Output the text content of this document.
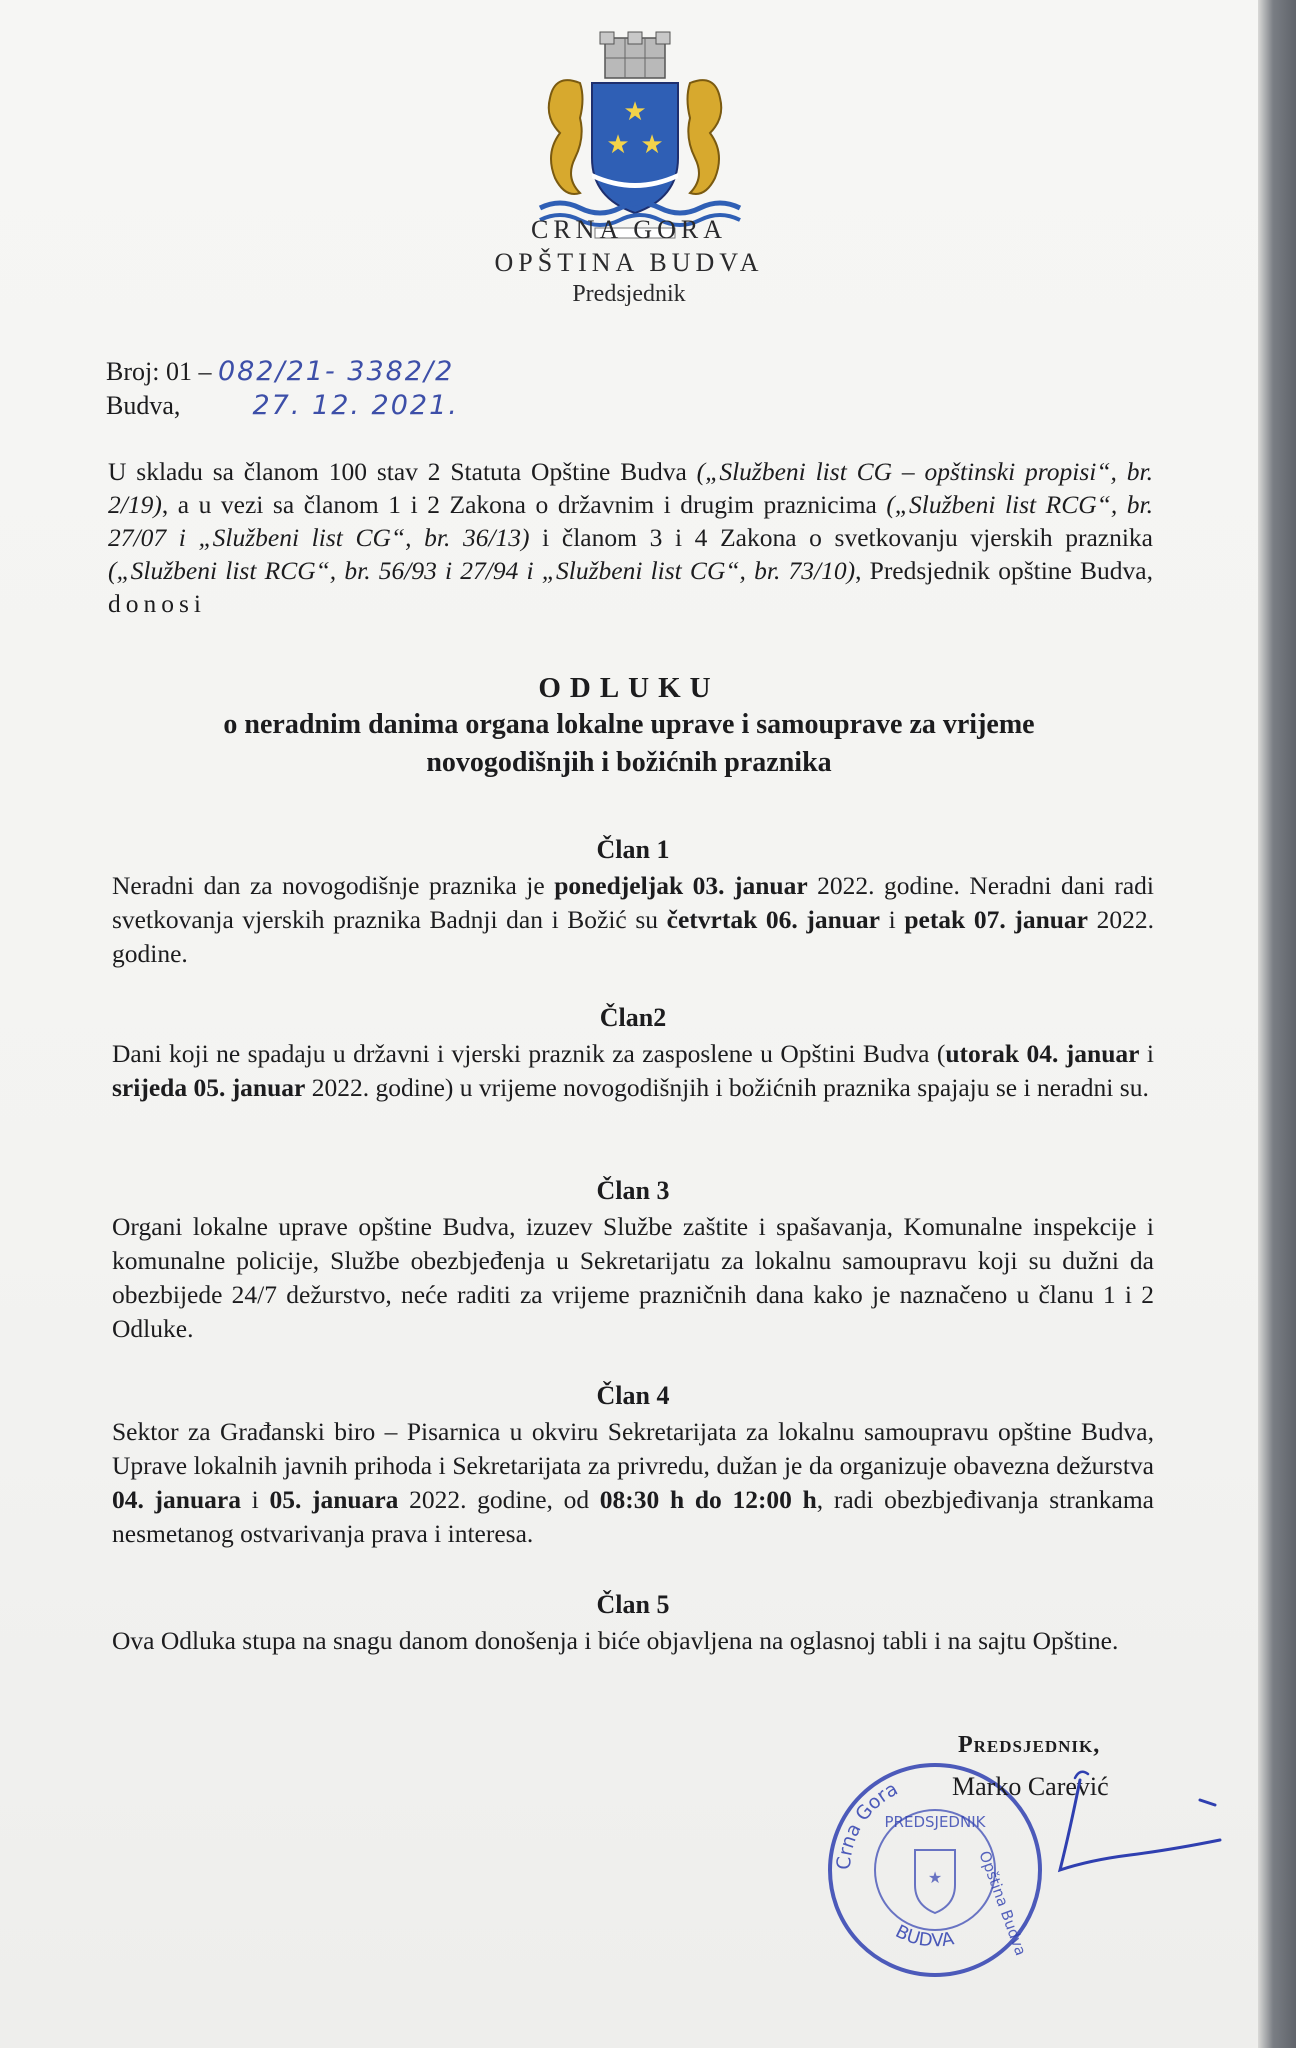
★
★ ★
CRNA GORA
OPŠTINA BUDVA
Predsjednik
Broj: 01 – 082/21- 3382/2
Budva,	27. 12. 2021.
U skladu sa članom 100 stav 2 Statuta Opštine Budva („Službeni list CG – opštinski propisi“, br. 2/19), a u vezi sa članom 1 i 2 Zakona o državnim i drugim praznicima („Službeni list RCG“, br. 27/07 i „Službeni list CG“, br. 36/13) i članom 3 i 4 Zakona o svetkovanju vjerskih praznika („Službeni list RCG“, br. 56/93 i 27/94 i „Službeni list CG“, br. 73/10), Predsjednik opštine Budva, donosi

ODLUKU

o neradnim danima organa lokalne uprave i samouprave za vrijeme

novogodišnjih i božićnih praznika

Član 1

Neradni dan za novogodišnje praznika je ponedjeljak 03. januar 2022. godine. Neradni dani radi svetkovanja vjerskih praznika Badnji dan i Božić su četvrtak 06. januar i petak 07. januar 2022. godine.

Član2

Dani koji ne spadaju u državni i vjerski praznik za zasposlene u Opštini Budva (utorak 04. januar i srijeda 05. januar 2022. godine) u vrijeme novogodišnjih i božićnih praznika spajaju se i neradni su.

Član 3

Organi lokalne uprave opštine Budva, izuzev Službe zaštite i spašavanja, Komunalne inspekcije i komunalne policije, Službe obezbjeđenja u Sekretarijatu za lokalnu samoupravu koji su dužni da obezbijede 24/7 dežurstvo, neće raditi za vrijeme prazničnih dana kako je naznačeno u članu 1 i 2 Odluke.

Član 4

Sektor za Građanski biro – Pisarnica u okviru Sekretarijata za lokalnu samoupravu opštine Budva, Uprave lokalnih javnih prihoda i Sekretarijata za privredu, dužan je da organizuje obavezna dežurstva 04. januara i 05. januara 2022. godine, od 08:30 h do 12:00 h, radi obezbjeđivanja strankama nesmetanog ostvarivanja prava i interesa.

Član 5

Ova Odluka stupa na snagu danom donošenja i biće objavljena na oglasnoj tabli i na sajtu Opštine.

Crna Gora
PREDSJEDNIK
Opština Budva
BUDVA
★
Predsjednik,
Marko Carević
